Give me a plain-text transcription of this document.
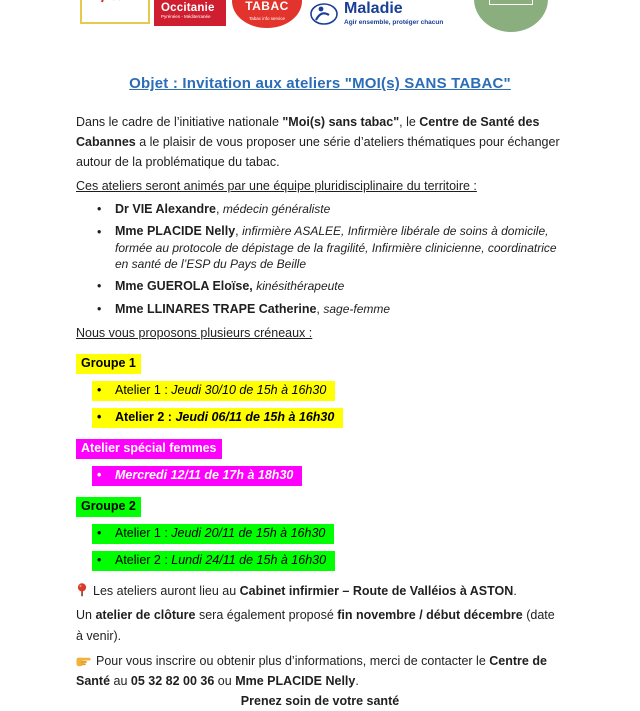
Occitanie
Pyrénées - Méditerranée
TABAC
Tabac info service
Maladie
Agir ensemble, protéger chacun
Objet : Invitation aux ateliers "MOI(s) SANS TABAC"

Dans le cadre de l’initiative nationale "Moi(s) sans tabac", le Centre de Santé des Cabannes a le plaisir de vous proposer une série d’ateliers thématiques pour échanger autour de la problématique du tabac.

Ces ateliers seront animés par une équipe pluridisciplinaire du territoire :

•	Dr VIE Alexandre, médecin généraliste
•	Mme PLACIDE Nelly, infirmière ASALEE, Infirmière libérale de soins à domicile, formée au protocole de dépistage de la fragilité, Infirmière clinicienne, coordinatrice en santé de l’ESP du Pays de Beille
•	Mme GUEROLA Eloïse, kinésithérapeute
•	Mme LLINARES TRAPE Catherine, sage-femme

Nous vous proposons plusieurs créneaux :

Groupe 1
• Atelier 1 : Jeudi 30/10 de 15h à 16h30
• Atelier 2 : Jeudi 06/11 de 15h à 16h30
Atelier spécial femmes
• Mercredi 12/11 de 17h à 18h30
Groupe 2
• Atelier 1 : Jeudi 20/11 de 15h à 16h30
• Atelier 2 : Lundi 24/11 de 15h à 16h30

Les ateliers auront lieu au Cabinet infirmier – Route de Valléios à ASTON.

Un atelier de clôture sera également proposé fin novembre / début décembre (date à venir).

Pour vous inscrire ou obtenir plus d’informations, merci de contacter le Centre de Santé au 05 32 82 00 36 ou Mme PLACIDE Nelly.

Prenez soin de votre santé
